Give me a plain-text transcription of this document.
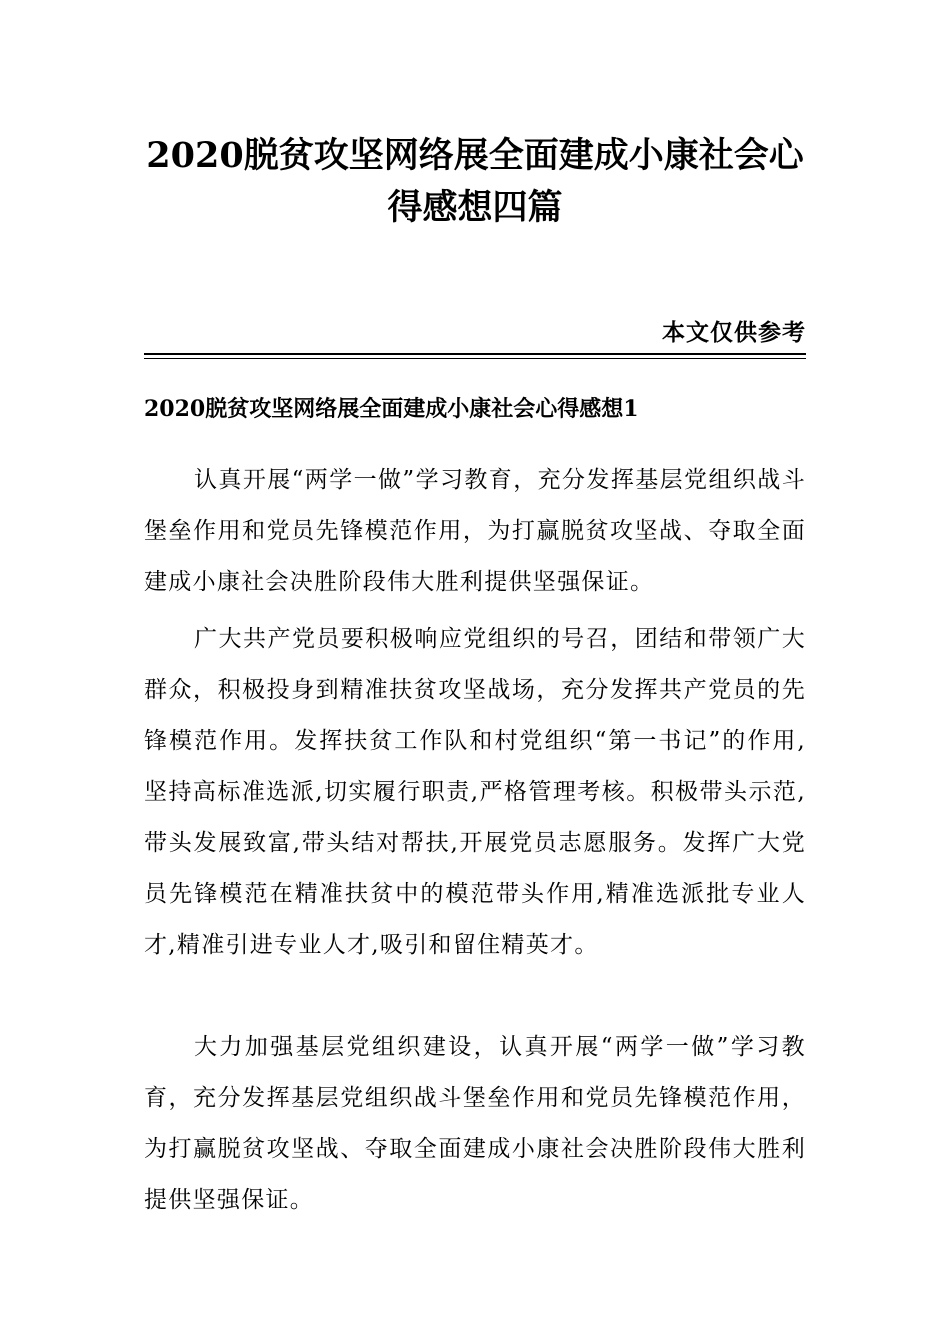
2020脱贫攻坚网络展全面建成小康社会心
得感想四篇
本文仅供参考
2020脱贫攻坚网络展全面建成小康社会心得感想1

认真开展“两学一做”学习教育，充分发挥基层党组织战斗堡垒作用和党员先锋模范作用，为打赢脱贫攻坚战、夺取全面建成小康社会决胜阶段伟大胜利提供坚强保证。

广大共产党员要积极响应党组织的号召，团结和带领广大群众，积极投身到精准扶贫攻坚战场，充分发挥共产党员的先锋模范作用。发挥扶贫工作队和村党组织“第一书记”的作用,坚持高标准选派,切实履行职责,严格管理考核。积极带头示范,带头发展致富,带头结对帮扶,开展党员志愿服务。发挥广大党员先锋模范在精准扶贫中的模范带头作用,精准选派批专业人才,精准引进专业人才,吸引和留住精英才。

大力加强基层党组织建设，认真开展“两学一做”学习教育，充分发挥基层党组织战斗堡垒作用和党员先锋模范作用，为打赢脱贫攻坚战、夺取全面建成小康社会决胜阶段伟大胜利提供坚强保证。
